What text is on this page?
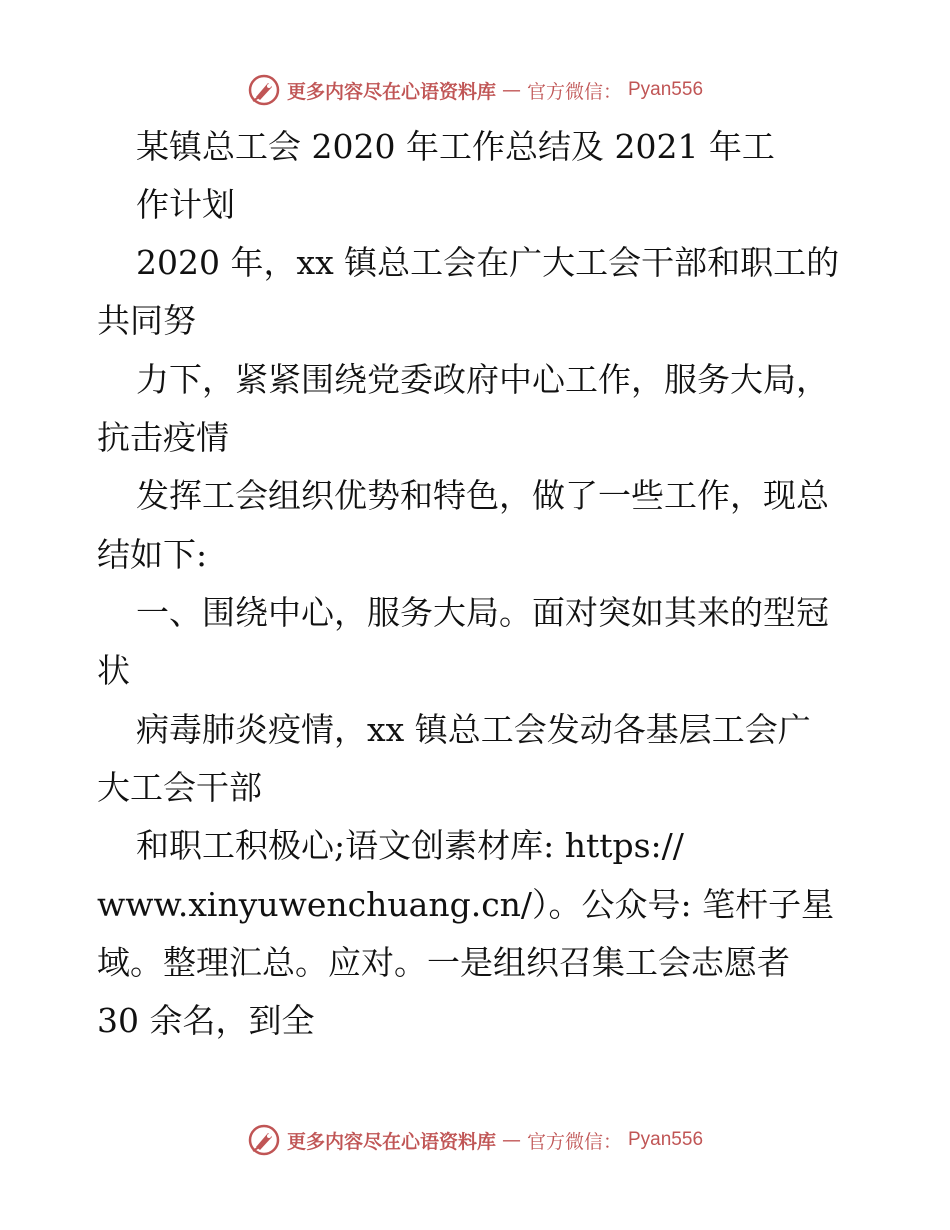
更多内容尽在心语资料库 — 官方微信： Pyan556
某镇总工会 2020 年工作总结及 2021 年工
作计划
2020 年，xx 镇总工会在广大工会干部和职工的
共同努
力下，紧紧围绕党委政府中心工作，服务大局，
抗击疫情
发挥工会组织优势和特色，做了一些工作，现总
结如下:
一、围绕中心，服务大局。面对突如其来的型冠
状
病毒肺炎疫情，xx 镇总工会发动各基层工会广
大工会干部
和职工积极心;语文创素材库: https://
www.xinyuwenchuang.cn/）。公众号: 笔杆子星
域。整理汇总。应对。一是组织召集工会志愿者
30 余名，到全
更多内容尽在心语资料库 — 官方微信： Pyan556
